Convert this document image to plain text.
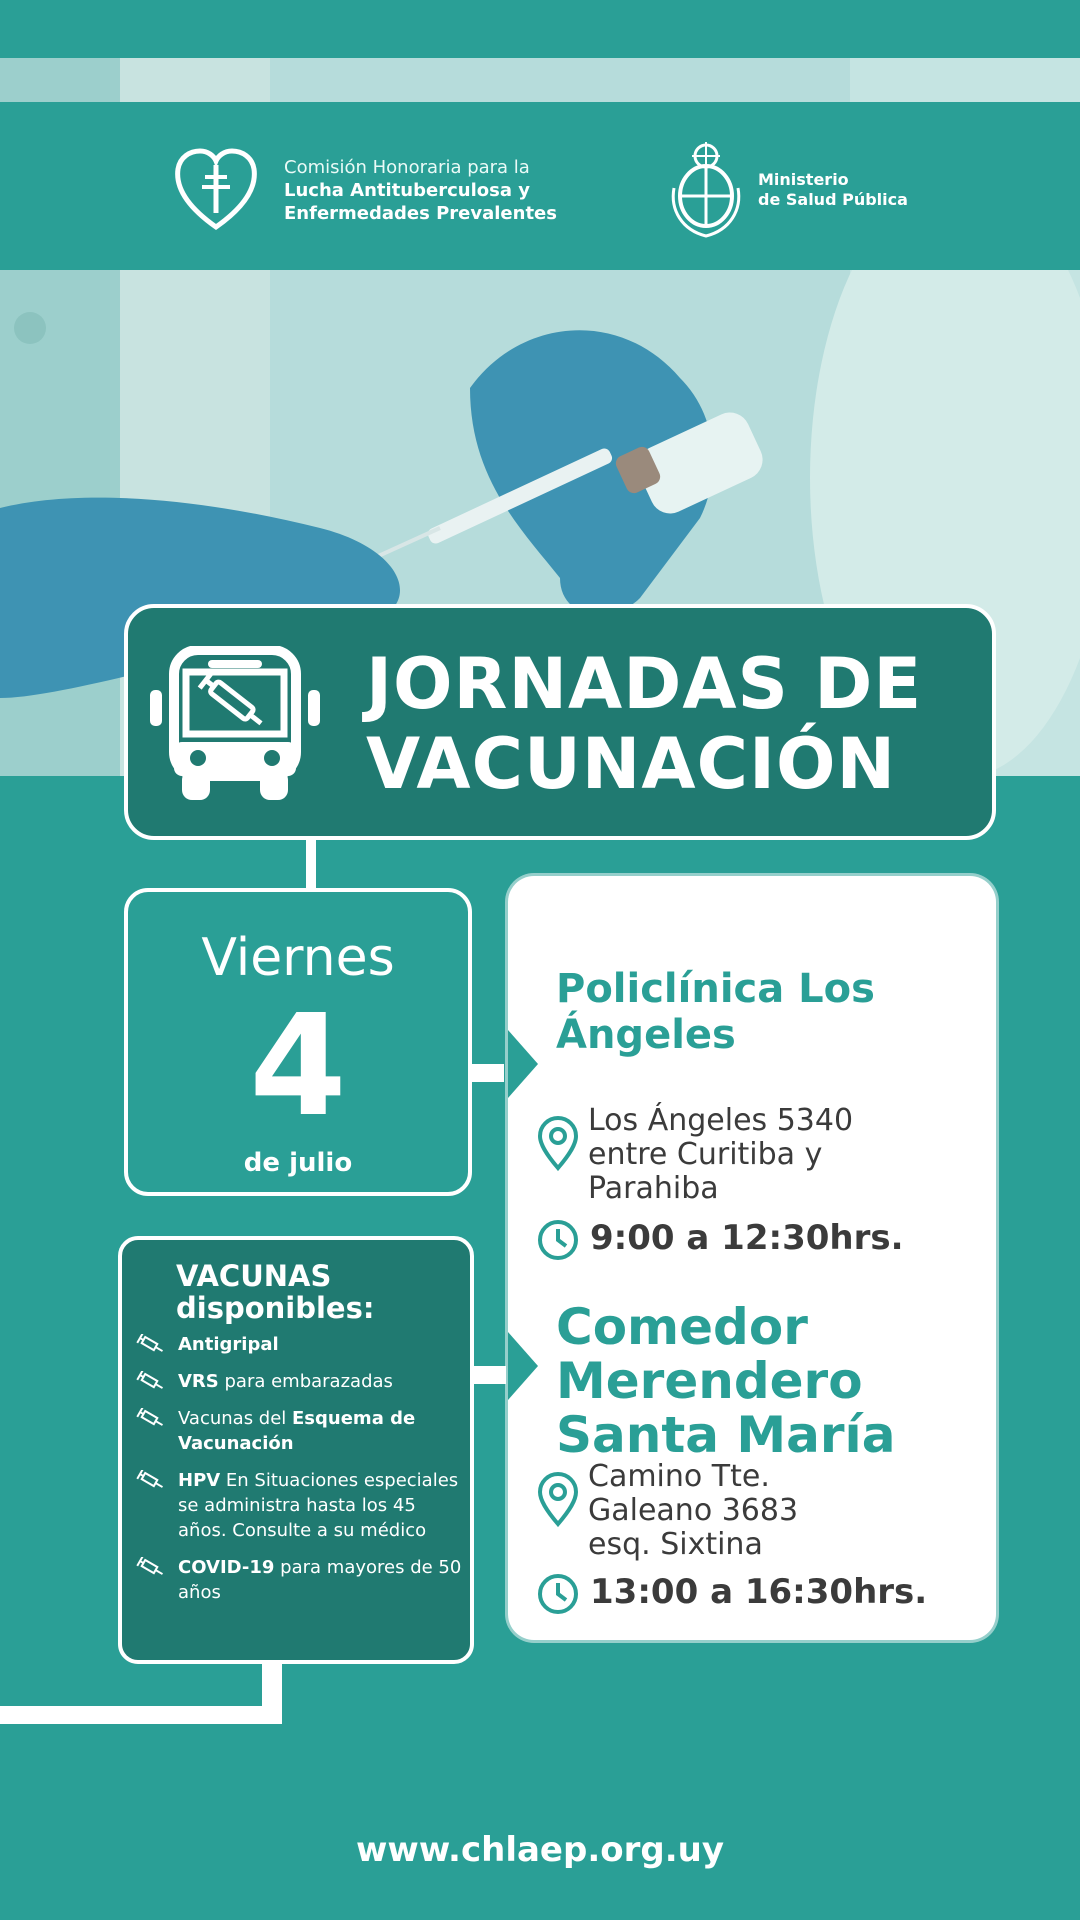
Comisión Honoraria para la
Lucha Antituberculosa y
Enfermedades Prevalentes
Ministerio
de Salud Pública
JORNADAS DE
VACUNACIÓN
Viernes
4
de julio
VACUNAS
disponibles:
Antigripal
VRS para embarazadas
Vacunas del Esquema de Vacunación
HPV En Situaciones especiales se administra hasta los 45 años. Consulte a su médico
COVID-19 para mayores de 50 años
Policlínica Los
Ángeles
Los Ángeles 5340
entre Curitiba y
Parahiba
9:00 a 12:30hrs.
Comedor
Merendero
Santa María
Camino Tte.
Galeano 3683
esq. Sixtina
13:00 a 16:30hrs.
www.chlaep.org.uy
